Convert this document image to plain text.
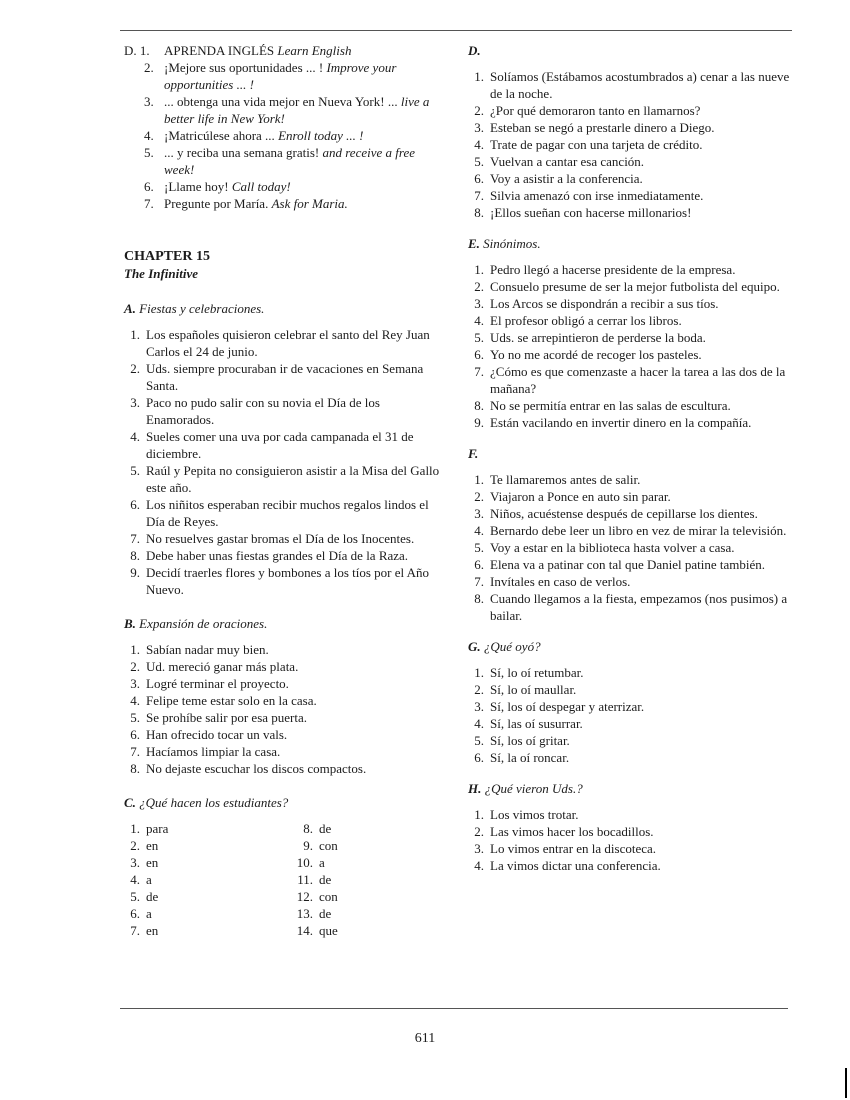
D. 1. APRENDA INGLÉS Learn English
2. ¡Mejore sus oportunidades ... ! Improve your opportunities ... !
3. ... obtenga una vida mejor en Nueva York! ... live a better life in New York!
4. ¡Matricúlese ahora ... Enroll today ... !
5. ... y reciba una semana gratis! and receive a free week!
6. ¡Llame hoy! Call today!
7. Pregunte por María. Ask for Maria.

CHAPTER 15

The Infinitive

A. Fiestas y celebraciones.

1. Los españoles quisieron celebrar el santo del Rey Juan Carlos el 24 de junio.
2. Uds. siempre procuraban ir de vacaciones en Semana Santa.
3. Paco no pudo salir con su novia el Día de los Enamorados.
4. Sueles comer una uva por cada campanada el 31 de diciembre.
5. Raúl y Pepita no consiguieron asistir a la Misa del Gallo este año.
6. Los niñitos esperaban recibir muchos regalos lindos el Día de Reyes.
7. No resuelves gastar bromas el Día de los Inocentes.
8. Debe haber unas fiestas grandes el Día de la Raza.
9. Decidí traerles flores y bombones a los tíos por el Año Nuevo.

B. Expansión de oraciones.

1. Sabían nadar muy bien.
2. Ud. mereció ganar más plata.
3. Logré terminar el proyecto.
4. Felipe teme estar solo en la casa.
5. Se prohíbe salir por esa puerta.
6. Han ofrecido tocar un vals.
7. Hacíamos limpiar la casa.
8. No dejaste escuchar los discos compactos.

C. ¿Qué hacen los estudiantes?

1. para	8. de
2. en	9. con
3. en	10. a
4. a	11. de
5. de	12. con
6. a	13. de
7. en	14. que

D.

1. Solíamos (Estábamos acostumbrados a) cenar a las nueve de la noche.
2. ¿Por qué demoraron tanto en llamarnos?
3. Esteban se negó a prestarle dinero a Diego.
4. Trate de pagar con una tarjeta de crédito.
5. Vuelvan a cantar esa canción.
6. Voy a asistir a la conferencia.
7. Silvia amenazó con irse inmediatamente.
8. ¡Ellos sueñan con hacerse millonarios!

E. Sinónimos.

1. Pedro llegó a hacerse presidente de la empresa.
2. Consuelo presume de ser la mejor futbolista del equipo.
3. Los Arcos se dispondrán a recibir a sus tíos.
4. El profesor obligó a cerrar los libros.
5. Uds. se arrepintieron de perderse la boda.
6. Yo no me acordé de recoger los pasteles.
7. ¿Cómo es que comenzaste a hacer la tarea a las dos de la mañana?
8. No se permitía entrar en las salas de escultura.
9. Están vacilando en invertir dinero en la compañía.

F.

1. Te llamaremos antes de salir.
2. Viajaron a Ponce en auto sin parar.
3. Niños, acuéstense después de cepillarse los dientes.
4. Bernardo debe leer un libro en vez de mirar la televisión.
5. Voy a estar en la biblioteca hasta volver a casa.
6. Elena va a patinar con tal que Daniel patine también.
7. Invítales en caso de verlos.
8. Cuando llegamos a la fiesta, empezamos (nos pusimos) a bailar.

G. ¿Qué oyó?

1. Sí, lo oí retumbar.
2. Sí, lo oí maullar.
3. Sí, los oí despegar y aterrizar.
4. Sí, las oí susurrar.
5. Sí, los oí gritar.
6. Sí, la oí roncar.

H. ¿Qué vieron Uds.?

1. Los vimos trotar.
2. Las vimos hacer los bocadillos.
3. Lo vimos entrar en la discoteca.
4. La vimos dictar una conferencia.
611
